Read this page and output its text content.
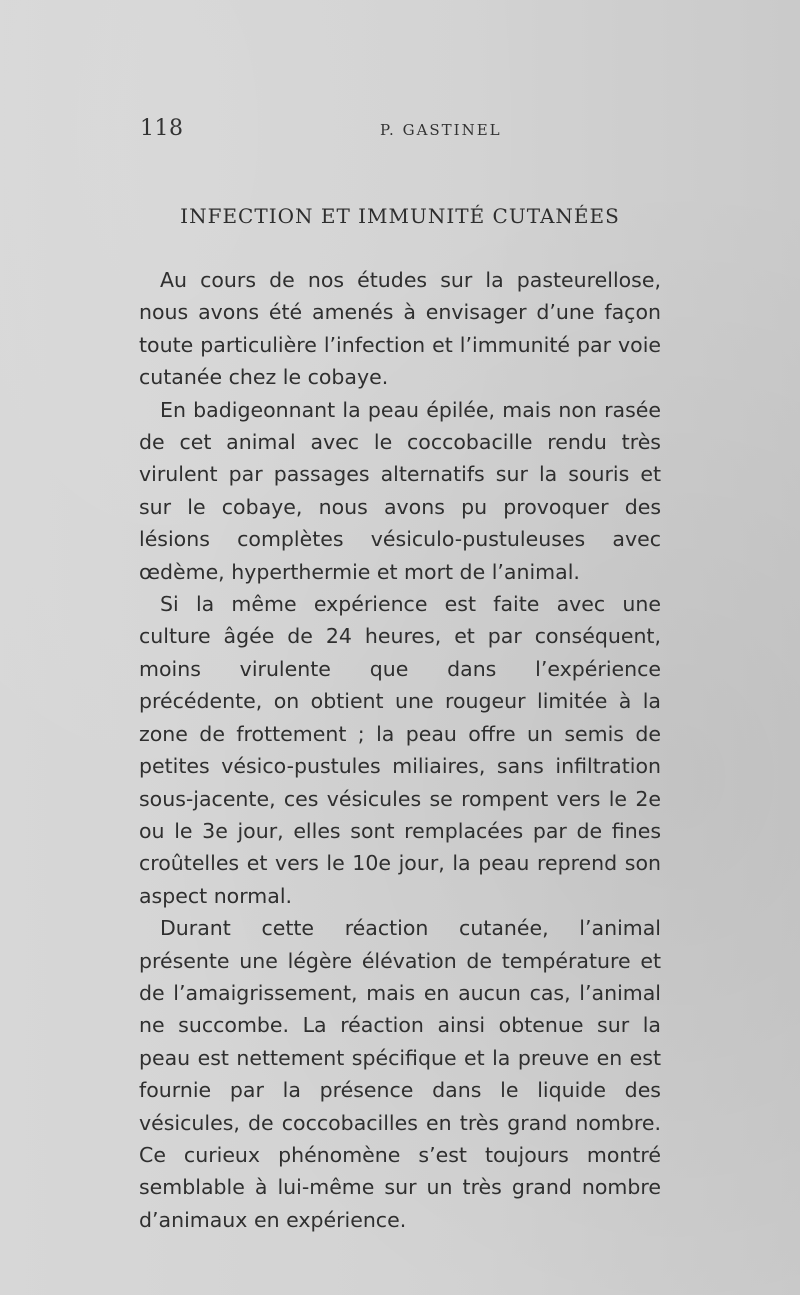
118	P. GASTINEL
INFECTION ET IMMUNITÉ CUTANÉES

Au cours de nos études sur la pasteurellose, nous avons été amenés à envisager d’une façon toute particulière l’infection et l’immunité par voie cutanée chez le cobaye.

En badigeonnant la peau épilée, mais non rasée de cet animal avec le coccobacille rendu très virulent par passages alternatifs sur la souris et sur le cobaye, nous avons pu provoquer des lésions complètes vésiculo-pustuleuses avec œdème, hyperthermie et mort de l’animal.

Si la même expérience est faite avec une culture âgée de 24 heures, et par conséquent, moins virulente que dans l’expérience précédente, on obtient une rougeur limitée à la zone de frottement ; la peau offre un semis de petites vésico-pustules miliaires, sans infiltration sous-jacente, ces vésicules se rompent vers le 2e ou le 3e jour, elles sont remplacées par de fines croûtelles et vers le 10e jour, la peau reprend son aspect normal.

Durant cette réaction cutanée, l’animal présente une légère élévation de température et de l’amaigrissement, mais en aucun cas, l’animal ne succombe. La réaction ainsi obtenue sur la peau est nettement spécifique et la preuve en est fournie par la présence dans le liquide des vésicules, de coccobacilles en très grand nombre. Ce curieux phénomène s’est toujours montré semblable à lui-même sur un très grand nombre d’animaux en expérience.
